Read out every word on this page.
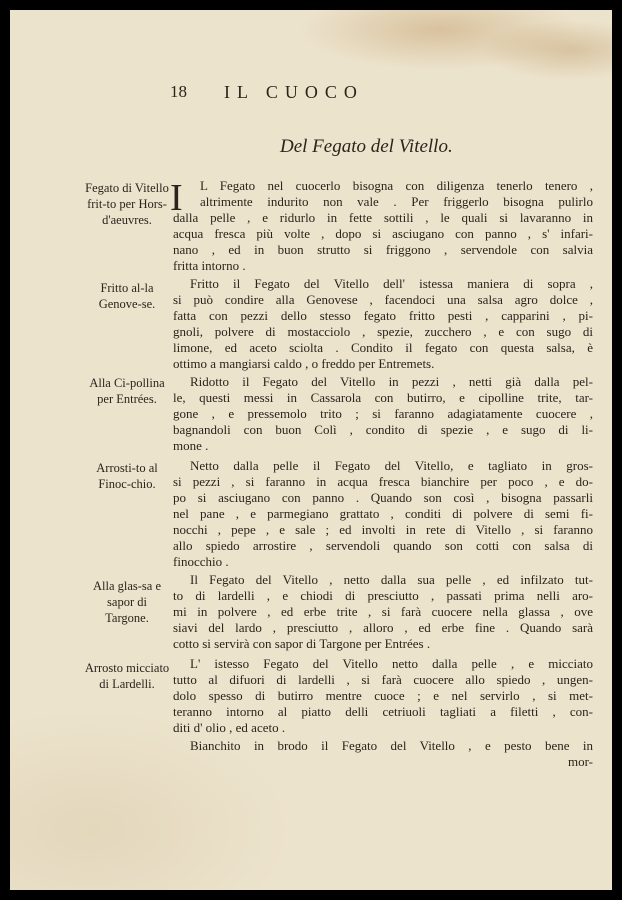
18 IL CUOCO
Del Fegato del Vitello.
Fegato di Vitello frit-to per Hors-d'aeuvres.
Fritto al-la Genove-se.
Alla Ci-pollina per Entrées.
Arrosti-to al Finoc-chio.
Alla glas-sa e sapor di Targone.
Arrosto micciato di Lardelli.
I	L Fegato nel cuocerlo bisogna con diligenza tenerlo tenero ,
altrimente indurito non vale . Per friggerlo bisogna pulirlo
dalla pelle , e ridurlo in fette sottili , le quali si lavaranno in
acqua fresca più volte , dopo si asciugano con panno , s' infari-
nano , ed in buon strutto si friggono , servendole con salvia
fritta intorno .
Fritto il Fegato del Vitello dell' istessa maniera di sopra ,
si può condire alla Genovese , facendoci una salsa agro dolce ,
fatta con pezzi dello stesso fegato fritto pesti , capparini , pi-
gnoli, polvere di mostacciolo , spezie, zucchero , e con sugo di
limone, ed aceto sciolta . Condito il fegato con questa salsa, è
ottimo a mangiarsi caldo , o freddo per Entremets.
Ridotto il Fegato del Vitello in pezzi , netti già dalla pel-
le, questi messi in Cassarola con butirro, e cipolline trite, tar-
gone , e pressemolo trito ; si faranno adagiatamente cuocere ,
bagnandoli con buon Colì , condito di spezie , e sugo di li-
mone .
Netto dalla pelle il Fegato del Vitello, e tagliato in gros-
si pezzi , si faranno in acqua fresca bianchire per poco , e do-
po si asciugano con panno . Quando son così , bisogna passarli
nel pane , e parmegiano grattato , conditi di polvere di semi fi-
nocchi , pepe , e sale ; ed involti in rete di Vitello , si faranno
allo spiedo arrostire , servendoli quando son cotti con salsa di
finocchio .
Il Fegato del Vitello , netto dalla sua pelle , ed infilzato tut-
to di lardelli , e chiodi di presciutto , passati prima nelli aro-
mi in polvere , ed erbe trite , si farà cuocere nella glassa , ove
siavi del lardo , presciutto , alloro , ed erbe fine . Quando sarà
cotto si servirà con sapor di Targone per Entrées .
L' istesso Fegato del Vitello netto dalla pelle , e micciato
tutto al difuori di lardelli , si farà cuocere allo spiedo , ungen-
dolo spesso di butirro mentre cuoce ; e nel servirlo , si met-
teranno intorno al piatto delli cetriuoli tagliati a filetti , con-
diti d' olio , ed aceto .
Bianchito in brodo il Fegato del Vitello , e pesto bene in
mor-
